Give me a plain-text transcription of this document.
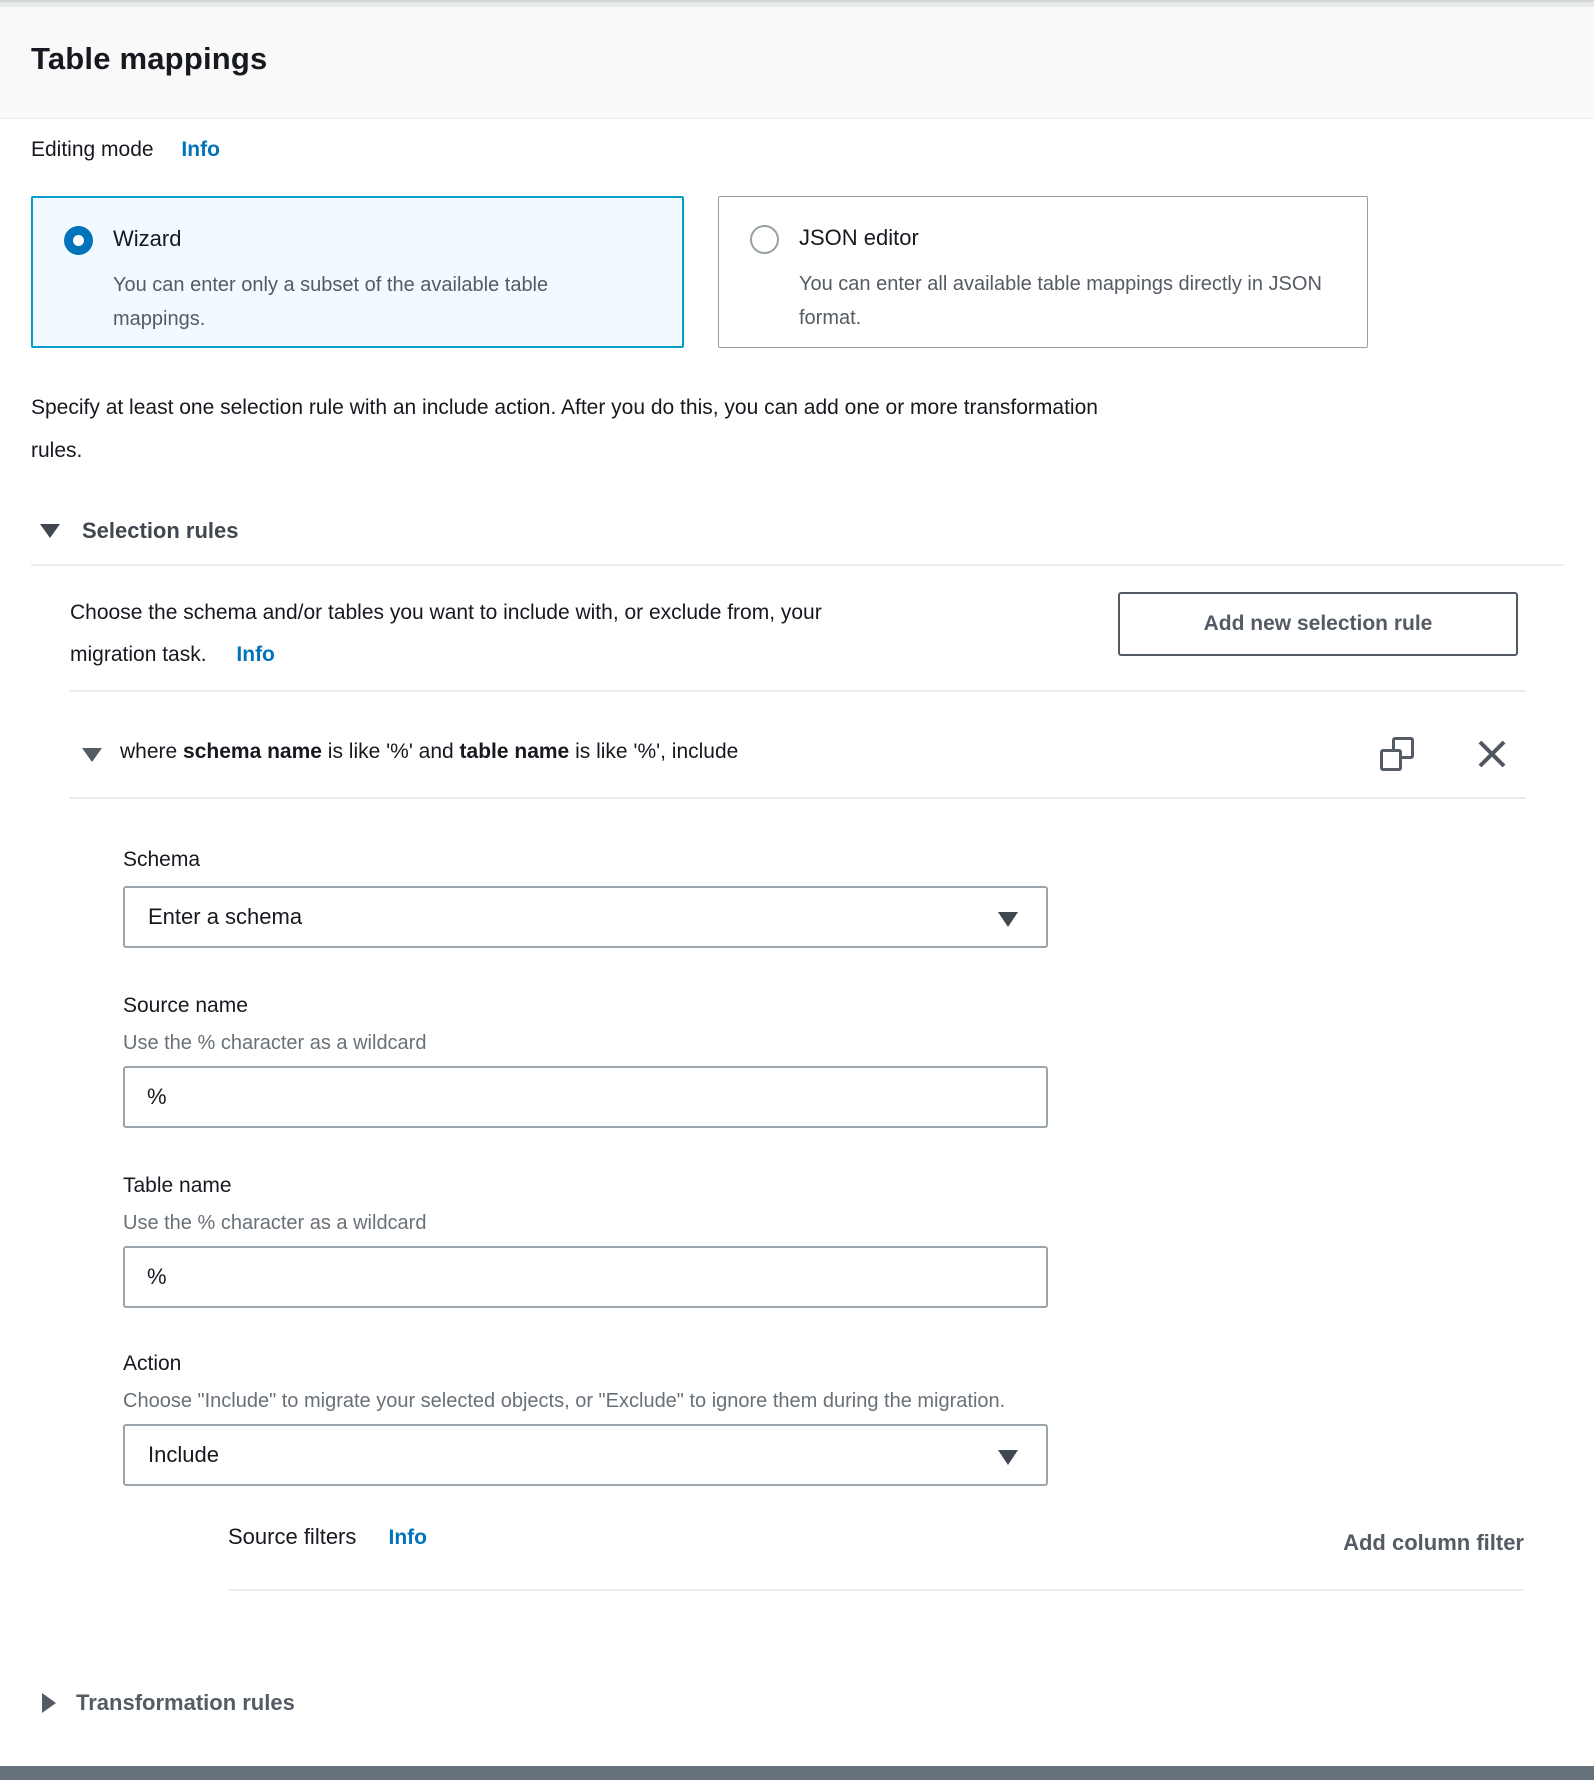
Table mappings
Editing mode Info
Wizard
You can enter only a subset of the available table mappings.
JSON editor
You can enter all available table mappings directly in JSON format.
Specify at least one selection rule with an include action. After you do this, you can add one or more transformation
rules.
Selection rules
Choose the schema and/or tables you want to include with, or exclude from, your
migration task. Info
Add new selection rule
where schema name is like '%' and table name is like '%', include
Schema
Enter a schema
Source name
Use the % character as a wildcard
%
Table name
Use the % character as a wildcard
%
Action
Choose "Include" to migrate your selected objects, or "Exclude" to ignore them during the migration.
Include
Source filters Info	Add column filter
Transformation rules
